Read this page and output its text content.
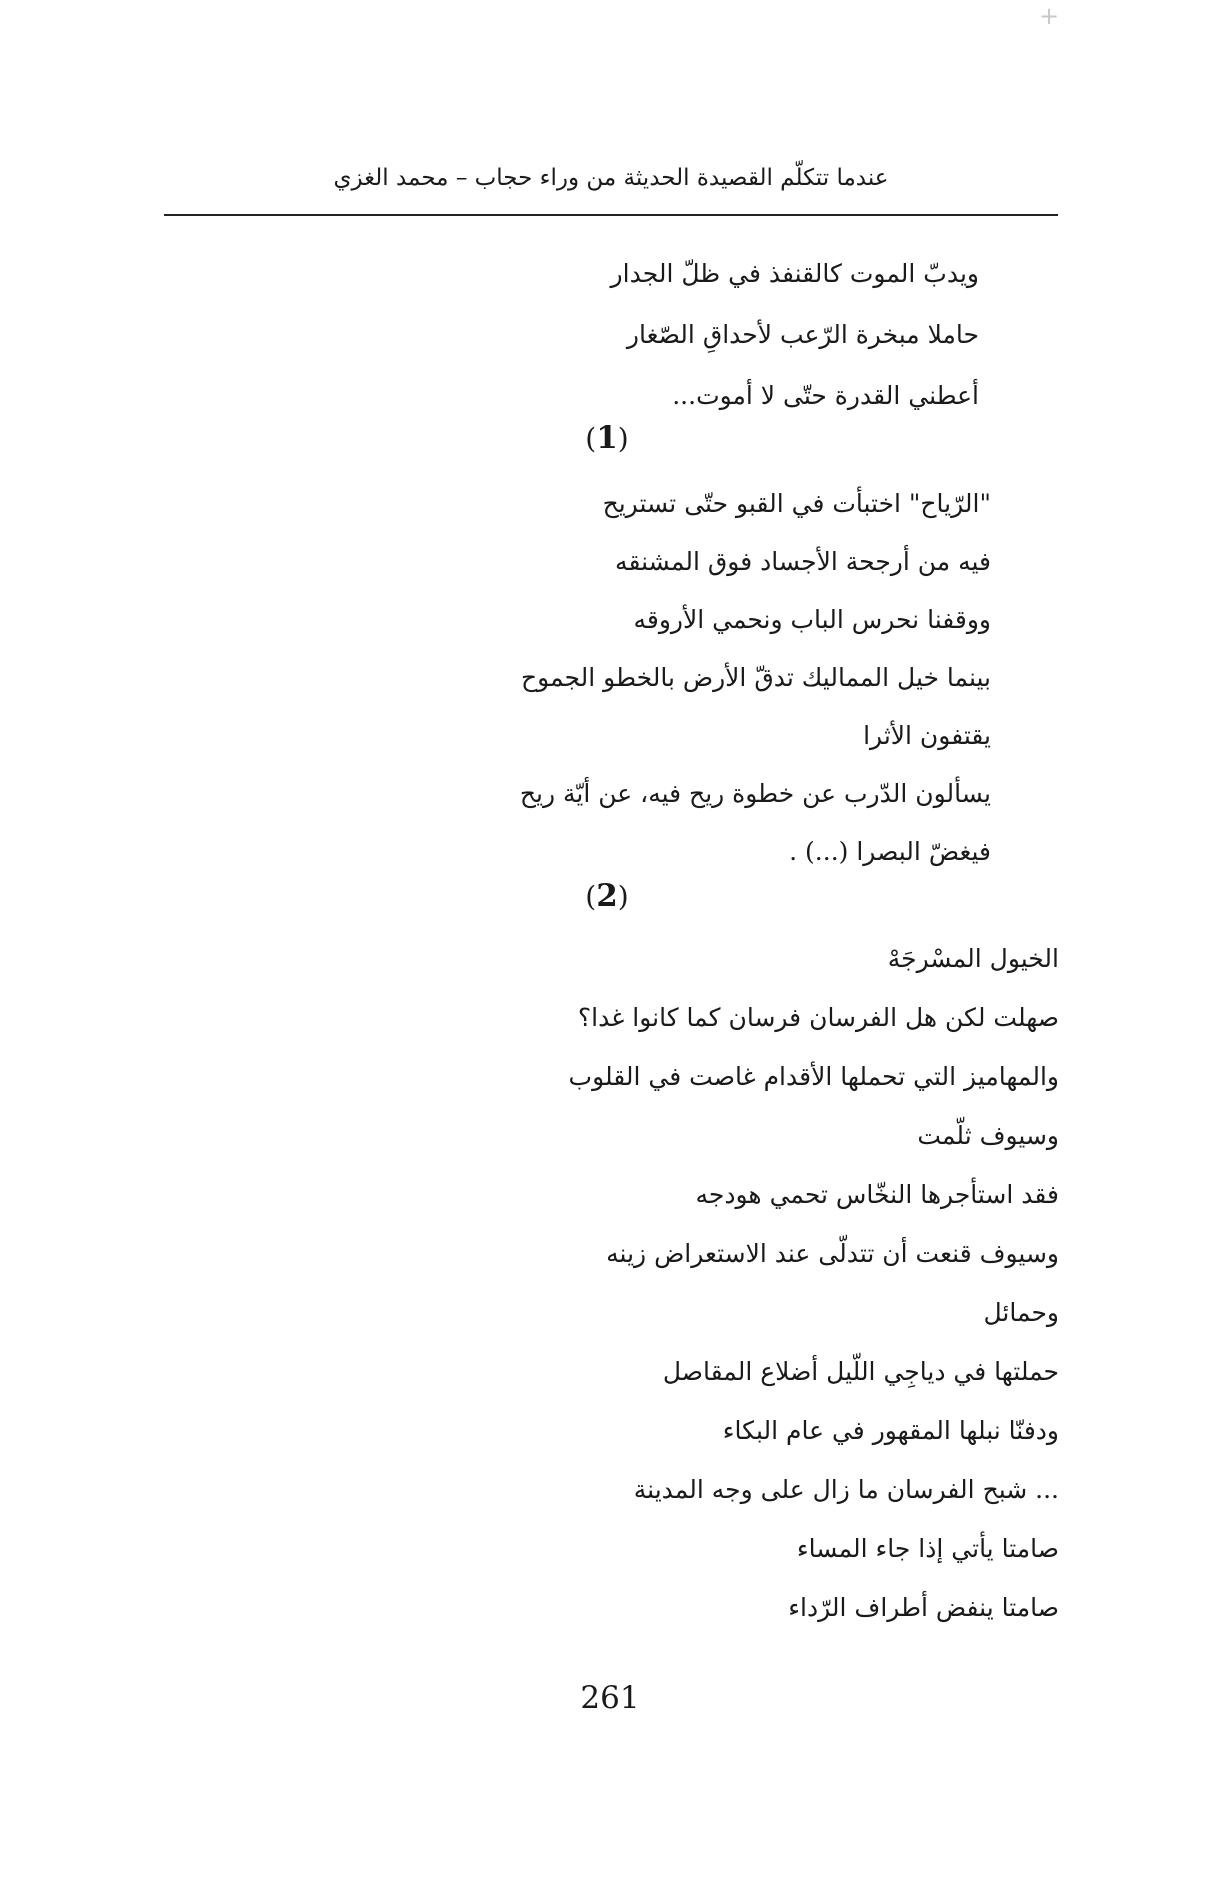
+
عندما تتكلّم القصيدة الحديثة من وراء حجاب – محمد الغزي
ويدبّ الموت كالقنفذ في ظلّ الجدار
حاملا مبخرة الرّعب لأحداقِ الصّغار
أعطني القدرة حتّى لا أموت...
(1)
"الرّياح" اختبأت في القبو حتّى تستريح
فيه من أرجحة الأجساد فوق المشنقه
ووقفنا نحرس الباب ونحمي الأروقه
بينما خيل المماليك تدقّ الأرض بالخطو الجموح
يقتفون الأثرا
يسألون الدّرب عن خطوة ريح فيه، عن أيّة ريح
فيغضّ البصرا (...) .
(2)
الخيول المسْرجَهْ
صهلت لكن هل الفرسان فرسان كما كانوا غدا؟
والمهاميز التي تحملها الأقدام غاصت في القلوب
وسيوف ثلّمت
فقد استأجرها النخّاس تحمي هودجه
وسيوف قنعت أن تتدلّى عند الاستعراض زينه
وحمائل
حملتها في دياجِي اللّيل أضلاع المقاصل
ودفنّا نبلها المقهور في عام البكاء
... شبح الفرسان ما زال على وجه المدينة
صامتا يأتي إذا جاء المساء
صامتا ينفض أطراف الرّداء
261
